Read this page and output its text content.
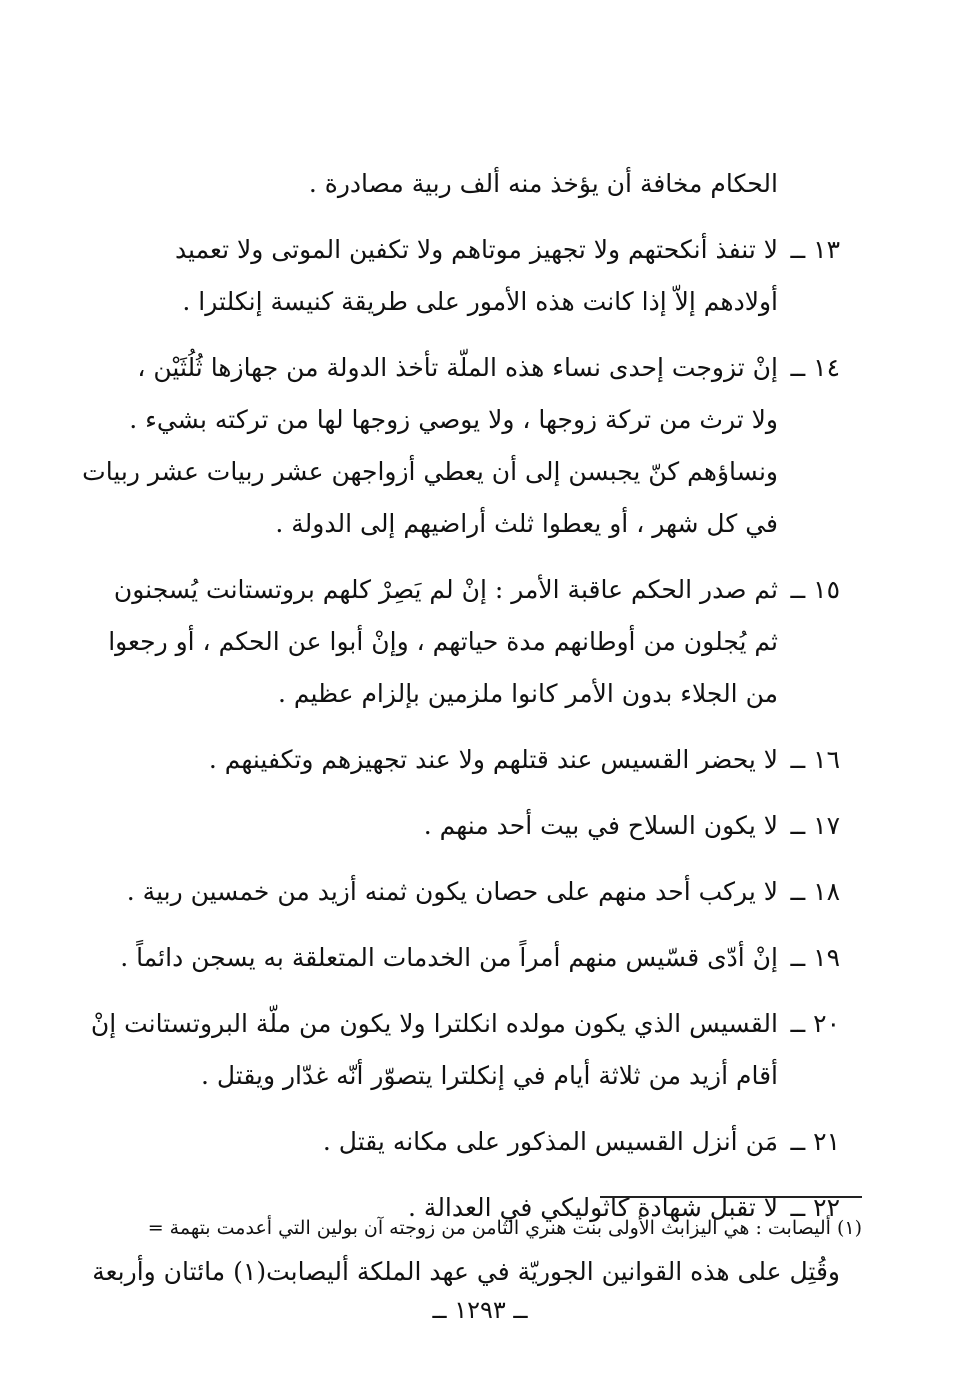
الحكام مخافة أن يؤخذ منه ألف ربية مصادرة .
١٣ ــ
لا تنفذ أنكحتهم ولا تجهيز موتاهم ولا تكفين الموتى ولا تعميد
أولادهم إلاّ إذا كانت هذه الأمور على طريقة كنيسة إنكلترا .
١٤ ــ
إنْ تزوجت إحدى نساء هذه الملّة تأخذ الدولة من جهازها ثُلُثَيْن ،
ولا ترث من تركة زوجها ، ولا يوصي زوجها لها من تركته بشيء .
ونساؤهم كنّ يجبسن إلى أن يعطي أزواجهن عشر ربيات عشر ربيات
في كل شهر ، أو يعطوا ثلث أراضيهم إلى الدولة .
١٥ ــ
ثم صدر الحكم عاقبة الأمر : إنْ لم يَصِرْ كلهم بروتستانت يُسجنون
ثم يُجلون من أوطانهم مدة حياتهم ، وإنْ أبوا عن الحكم ، أو رجعوا
من الجلاء بدون الأمر كانوا ملزمين بإلزام عظيم .
١٦ ــ
لا يحضر القسيس عند قتلهم ولا عند تجهيزهم وتكفينهم .
١٧ ــ
لا يكون السلاح في بيت أحد منهم .
١٨ ــ
لا يركب أحد منهم على حصان يكون ثمنه أزيد من خمسين ربية .
١٩ ــ
إنْ أدّى قسّيس منهم أمراً من الخدمات المتعلقة به يسجن دائماً .
٢٠ ــ
القسيس الذي يكون مولده انكلترا ولا يكون من ملّة البروتستانت إنْ
أقام أزيد من ثلاثة أيام في إنكلترا يتصوّر أنّه غدّار ويقتل .
٢١ ــ
مَن أنزل القسيس المذكور على مكانه يقتل .
٢٢ ــ
لا تقبل شهادة كاثوليكي في العدالة .
وقُتِل على هذه القوانين الجوريّة في عهد الملكة أليصابت(١) مائتان وأربعة
(١) أليصابت : هي اليزابث الأولى بنت هنري الثامن من زوجته آن بولين التي أعدمت بتهمة =
ــ ١٢٩٣ ــ
